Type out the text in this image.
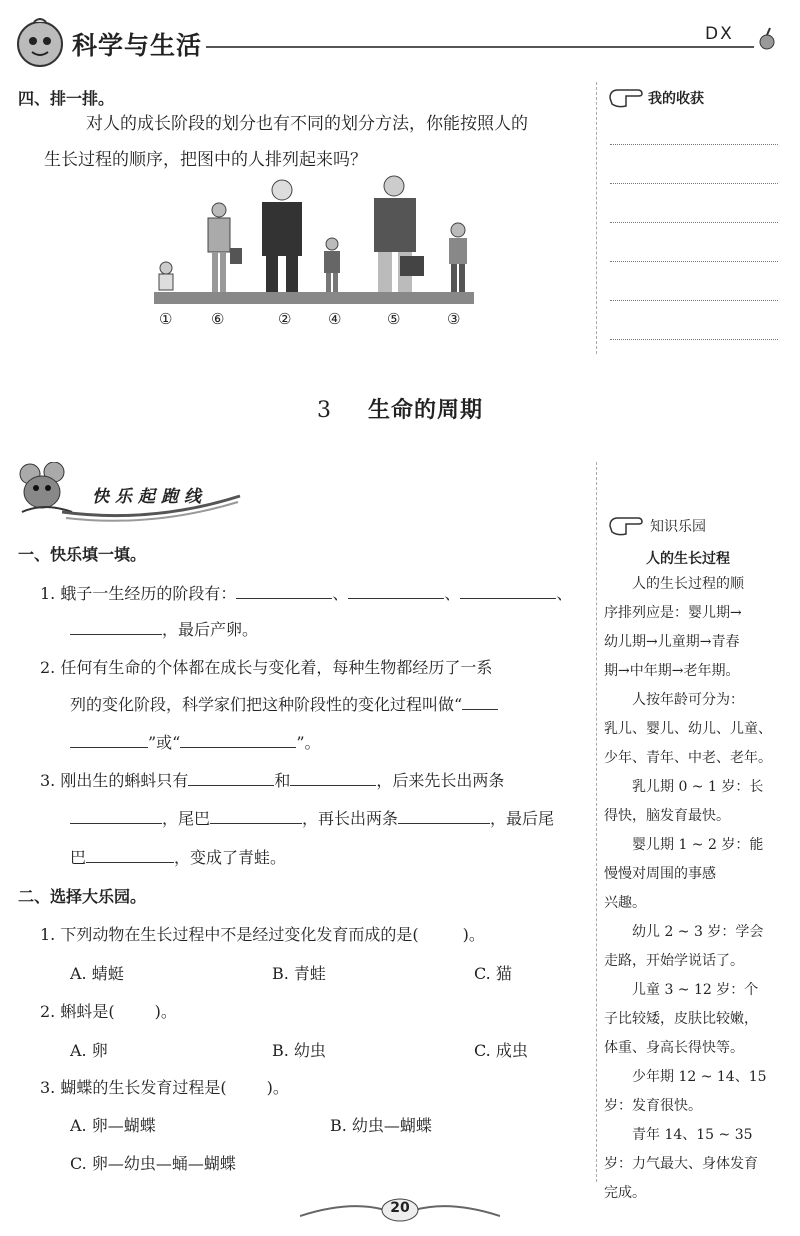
科学与生活	DX
四、排一排。
对人的成长阶段的划分也有不同的划分方法，你能按照人的
生长过程的顺序，把图中的人排列起来吗？
①	⑥	② ④	⑤	③
我的收获
3 生命的周期
快乐起跑线
一、快乐填一填。
1. 蛾子一生经历的阶段有：	、	、	、
，最后产卵。
2. 任何有生命的个体都在成长与变化着，每种生物都经历了一系
列的变化阶段，科学家们把这种阶段性的变化过程叫做“
”或“	”。
3. 刚出生的蝌蚪只有	和	，后来先长出两条
，尾巴	，再长出两条	，最后尾
巴	，变成了青蛙。
二、选择大乐园。
1. 下列动物在生长过程中不是经过变化发育而成的是(	)。
A. 蜻蜓	B. 青蛙	C. 猫
2. 蝌蚪是(	)。
A. 卵	B. 幼虫	C. 成虫
3. 蝴蝶的生长发育过程是(	)。
A. 卵—蝴蝶	B. 幼虫—蝴蝶
C. 卵—幼虫—蛹—蝴蝶
知识乐园
人的生长过程
　　人的生长过程的顺
序排列应是：婴儿期→
幼儿期→儿童期→青春
期→中年期→老年期。
　　人按年龄可分为：
乳儿、婴儿、幼儿、儿童、
少年、青年、中老、老年。
　　乳儿期 0 ~ 1 岁：长
得快，脑发育最快。
　　婴儿期 1 ~ 2 岁：能
慢慢对周围的事感
兴趣。
　　幼儿 2 ~ 3 岁：学会
走路，开始学说话了。
　　儿童 3 ~ 12 岁：个
子比较矮，皮肤比较嫩，
体重、身高长得快等。
　　少年期 12 ~ 14、15
岁：发育很快。
　　青年 14、15 ~ 35
岁：力气最大、身体发育
完成。
20
